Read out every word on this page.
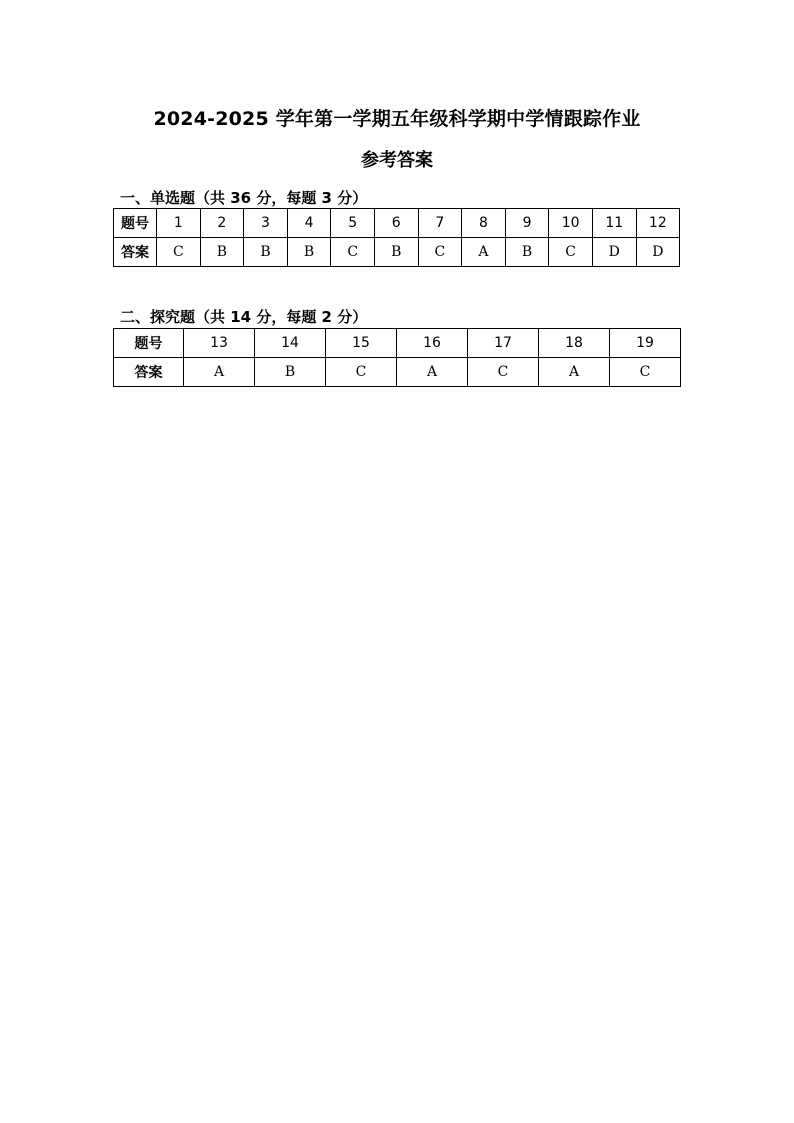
2024-2025 学年第一学期五年级科学期中学情跟踪作业
参考答案
一、单选题（共 36 分，每题 3 分）
题号	1	2	3	4	5	6	7	8	9	10	11	12
答案	C	B	B	B	C	B	C	A	B	C	D	D
二、探究题（共 14 分，每题 2 分）
题号	13	14	15	16	17	18	19
答案	A	B	C	A	C	A	C
